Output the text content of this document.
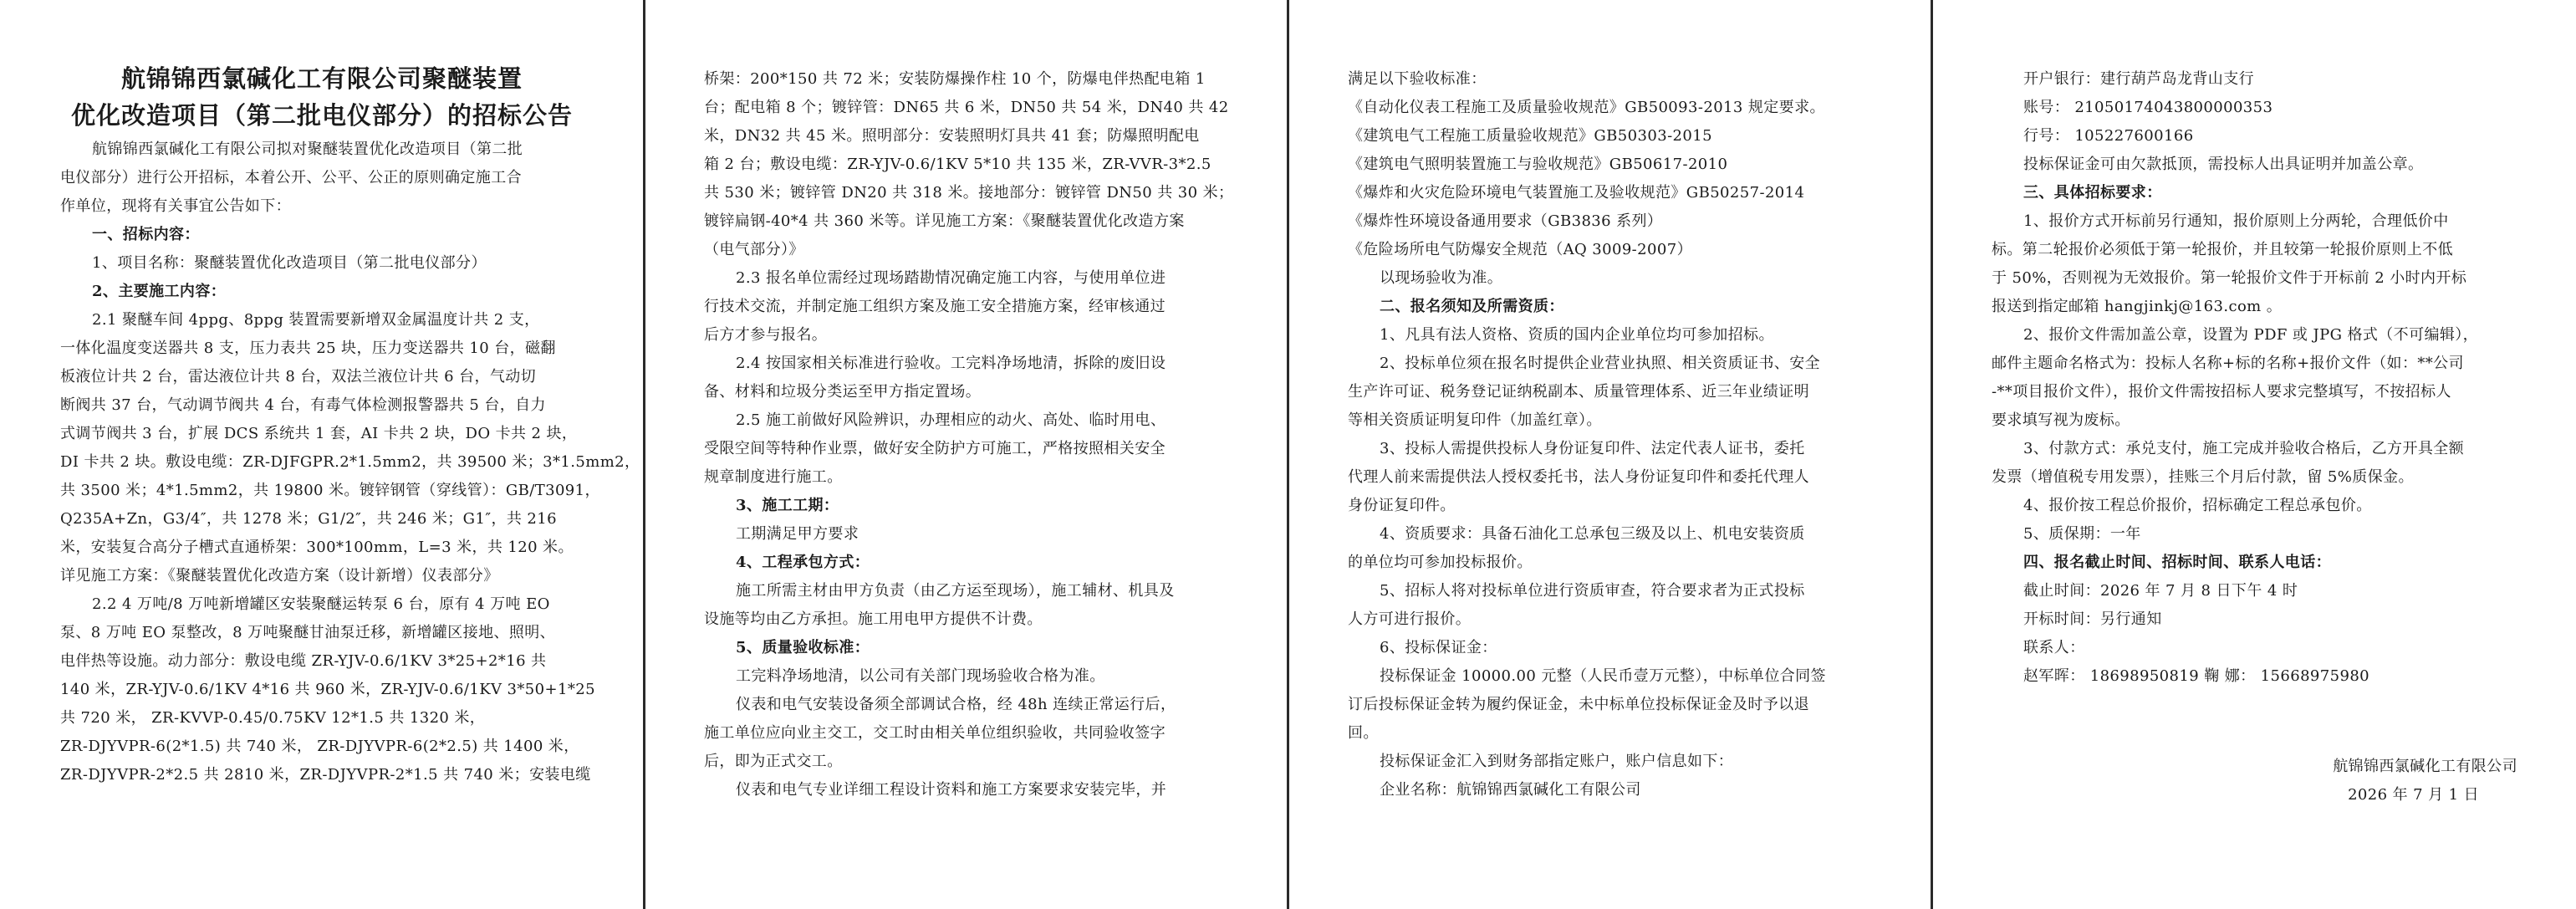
航锦锦西氯碱化工有限公司聚醚装置
优化改造项目（第二批电仪部分）的招标公告
航锦锦西氯碱化工有限公司拟对聚醚装置优化改造项目（第二批
电仪部分）进行公开招标，本着公开、公平、公正的原则确定施工合
作单位，现将有关事宜公告如下：
一、招标内容：
1、项目名称：聚醚装置优化改造项目（第二批电仪部分）
2、主要施工内容：
2.1 聚醚车间 4ppg、8ppg 装置需要新增双金属温度计共 2 支，
一体化温度变送器共 8 支，压力表共 25 块，压力变送器共 10 台，磁翻
板液位计共 2 台，雷达液位计共 8 台，双法兰液位计共 6 台，气动切
断阀共 37 台，气动调节阀共 4 台，有毒气体检测报警器共 5 台，自力
式调节阀共 3 台，扩展 DCS 系统共 1 套，AI 卡共 2 块，DO 卡共 2 块，
DI 卡共 2 块。敷设电缆：ZR-DJFGPR.2*1.5mm2，共 39500 米；3*1.5mm2，
共 3500 米；4*1.5mm2，共 19800 米。镀锌钢管（穿线管）：GB/T3091，
Q235A+Zn，G3/4″，共 1278 米；G1/2″，共 246 米；G1″，共 216
米，安装复合高分子槽式直通桥架：300*100mm，L=3 米，共 120 米。
详见施工方案：《聚醚装置优化改造方案（设计新增）仪表部分》
2.2 4 万吨/8 万吨新增罐区安装聚醚运转泵 6 台，原有 4 万吨 EO
泵、8 万吨 EO 泵整改，8 万吨聚醚甘油泵迁移，新增罐区接地、照明、
电伴热等设施。动力部分：敷设电缆 ZR-YJV-0.6/1KV 3*25+2*16 共
140 米，ZR-YJV-0.6/1KV 4*16 共 960 米，ZR-YJV-0.6/1KV 3*50+1*25
共 720 米， ZR-KVVP-0.45/0.75KV 12*1.5 共 1320 米，
ZR-DJYVPR-6(2*1.5) 共 740 米， ZR-DJYVPR-6(2*2.5) 共 1400 米，
ZR-DJYVPR-2*2.5 共 2810 米，ZR-DJYVPR-2*1.5 共 740 米；安装电缆
桥架：200*150 共 72 米；安装防爆操作柱 10 个，防爆电伴热配电箱 1
台；配电箱 8 个；镀锌管：DN65 共 6 米，DN50 共 54 米，DN40 共 42
米，DN32 共 45 米。照明部分：安装照明灯具共 41 套；防爆照明配电
箱 2 台；敷设电缆：ZR-YJV-0.6/1KV 5*10 共 135 米，ZR-VVR-3*2.5
共 530 米；镀锌管 DN20 共 318 米。接地部分：镀锌管 DN50 共 30 米；
镀锌扁钢-40*4 共 360 米等。详见施工方案：《聚醚装置优化改造方案
（电气部分）》
2.3 报名单位需经过现场踏勘情况确定施工内容，与使用单位进
行技术交流，并制定施工组织方案及施工安全措施方案，经审核通过
后方才参与报名。
2.4 按国家相关标准进行验收。工完料净场地清，拆除的废旧设
备、材料和垃圾分类运至甲方指定置场。
2.5 施工前做好风险辨识，办理相应的动火、高处、临时用电、
受限空间等特种作业票，做好安全防护方可施工，严格按照相关安全
规章制度进行施工。
3、施工工期：
工期满足甲方要求
4、工程承包方式：
施工所需主材由甲方负责（由乙方运至现场），施工辅材、机具及
设施等均由乙方承担。施工用电甲方提供不计费。
5、质量验收标准：
工完料净场地清，以公司有关部门现场验收合格为准。
仪表和电气安装设备须全部调试合格，经 48h 连续正常运行后，
施工单位应向业主交工，交工时由相关单位组织验收，共同验收签字
后，即为正式交工。
仪表和电气专业详细工程设计资料和施工方案要求安装完毕，并
满足以下验收标准：
《自动化仪表工程施工及质量验收规范》GB50093-2013 规定要求。
《建筑电气工程施工质量验收规范》GB50303-2015
《建筑电气照明装置施工与验收规范》GB50617-2010
《爆炸和火灾危险环境电气装置施工及验收规范》GB50257-2014
《爆炸性环境设备通用要求（GB3836 系列）
《危险场所电气防爆安全规范（AQ 3009-2007）
以现场验收为准。
二、报名须知及所需资质：
1、凡具有法人资格、资质的国内企业单位均可参加招标。
2、投标单位须在报名时提供企业营业执照、相关资质证书、安全
生产许可证、税务登记证纳税副本、质量管理体系、近三年业绩证明
等相关资质证明复印件（加盖红章）。
3、投标人需提供投标人身份证复印件、法定代表人证书，委托
代理人前来需提供法人授权委托书，法人身份证复印件和委托代理人
身份证复印件。
4、资质要求：具备石油化工总承包三级及以上、机电安装资质
的单位均可参加投标报价。
5、招标人将对投标单位进行资质审查，符合要求者为正式投标
人方可进行报价。
6、投标保证金：
投标保证金 10000.00 元整（人民币壹万元整），中标单位合同签
订后投标保证金转为履约保证金，未中标单位投标保证金及时予以退
回。
投标保证金汇入到财务部指定账户，账户信息如下：
企业名称：航锦锦西氯碱化工有限公司
开户银行：建行葫芦岛龙背山支行
账号： 21050174043800000353
行号： 105227600166
投标保证金可由欠款抵顶，需投标人出具证明并加盖公章。
三、具体招标要求：
1、报价方式开标前另行通知，报价原则上分两轮，合理低价中
标。第二轮报价必须低于第一轮报价，并且较第一轮报价原则上不低
于 50%，否则视为无效报价。第一轮报价文件于开标前 2 小时内开标
报送到指定邮箱 hangjinkj@163.com 。
2、报价文件需加盖公章，设置为 PDF 或 JPG 格式（不可编辑），
邮件主题命名格式为：投标人名称+标的名称+报价文件（如：**公司
-**项目报价文件），报价文件需按招标人要求完整填写，不按招标人
要求填写视为废标。
3、付款方式：承兑支付，施工完成并验收合格后，乙方开具全额
发票（增值税专用发票），挂账三个月后付款，留 5%质保金。
4、报价按工程总价报价，招标确定工程总承包价。
5、质保期：一年
四、报名截止时间、招标时间、联系人电话：
截止时间：2026 年 7 月 8 日下午 4 时
开标时间：另行通知
联系人：
赵军晖： 18698950819 鞠 娜： 15668975980
航锦锦西氯碱化工有限公司
2026 年 7 月 1 日
